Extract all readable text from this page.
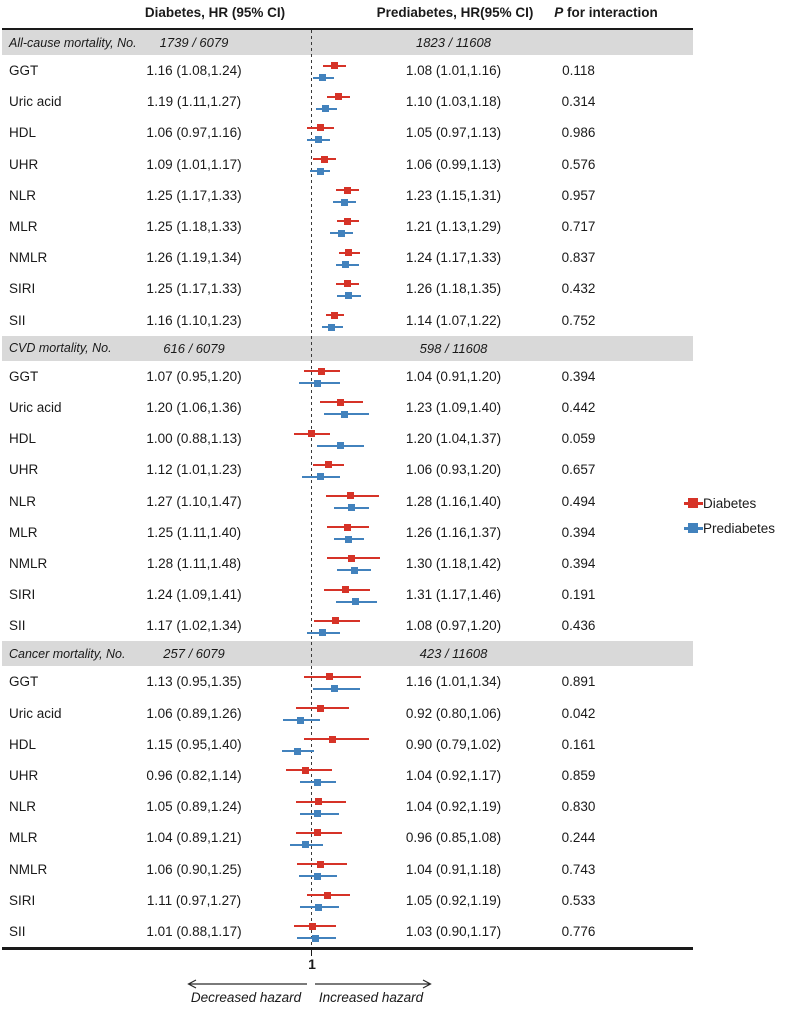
Diabetes, HR (95% CI)	Prediabetes, HR(95% CI)	P for interaction
All-cause mortality, No.	1739 / 6079	1823 / 11608
GGT	1.16 (1.08,1.24)	1.08 (1.01,1.16)	0.118
Uric acid	1.19 (1.11,1.27)	1.10 (1.03,1.18)	0.314
HDL	1.06 (0.97,1.16)	1.05 (0.97,1.13)	0.986
UHR	1.09 (1.01,1.17)	1.06 (0.99,1.13)	0.576
NLR	1.25 (1.17,1.33)	1.23 (1.15,1.31)	0.957
MLR	1.25 (1.18,1.33)	1.21 (1.13,1.29)	0.717
NMLR	1.26 (1.19,1.34)	1.24 (1.17,1.33)	0.837
SIRI	1.25 (1.17,1.33)	1.26 (1.18,1.35)	0.432
SII	1.16 (1.10,1.23)	1.14 (1.07,1.22)	0.752
CVD mortality, No.	616 / 6079	598 / 11608
GGT	1.07 (0.95,1.20)	1.04 (0.91,1.20)	0.394
Uric acid	1.20 (1.06,1.36)	1.23 (1.09,1.40)	0.442
HDL	1.00 (0.88,1.13)	1.20 (1.04,1.37)	0.059
UHR	1.12 (1.01,1.23)	1.06 (0.93,1.20)	0.657
NLR	1.27 (1.10,1.47)	1.28 (1.16,1.40)	0.494
MLR	1.25 (1.11,1.40)	1.26 (1.16,1.37)	0.394
NMLR	1.28 (1.11,1.48)	1.30 (1.18,1.42)	0.394
SIRI	1.24 (1.09,1.41)	1.31 (1.17,1.46)	0.191
SII	1.17 (1.02,1.34)	1.08 (0.97,1.20)	0.436
Cancer mortality, No.	257 / 6079	423 / 11608
GGT	1.13 (0.95,1.35)	1.16 (1.01,1.34)	0.891
Uric acid	1.06 (0.89,1.26)	0.92 (0.80,1.06)	0.042
HDL	1.15 (0.95,1.40)	0.90 (0.79,1.02)	0.161
UHR	0.96 (0.82,1.14)	1.04 (0.92,1.17)	0.859
NLR	1.05 (0.89,1.24)	1.04 (0.92,1.19)	0.830
MLR	1.04 (0.89,1.21)	0.96 (0.85,1.08)	0.244
NMLR	1.06 (0.90,1.25)	1.04 (0.91,1.18)	0.743
SIRI	1.11 (0.97,1.27)	1.05 (0.92,1.19)	0.533
SII	1.01 (0.88,1.17)	1.03 (0.90,1.17)	0.776
1
Decreased hazard	Increased hazard
Diabetes
Prediabetes
